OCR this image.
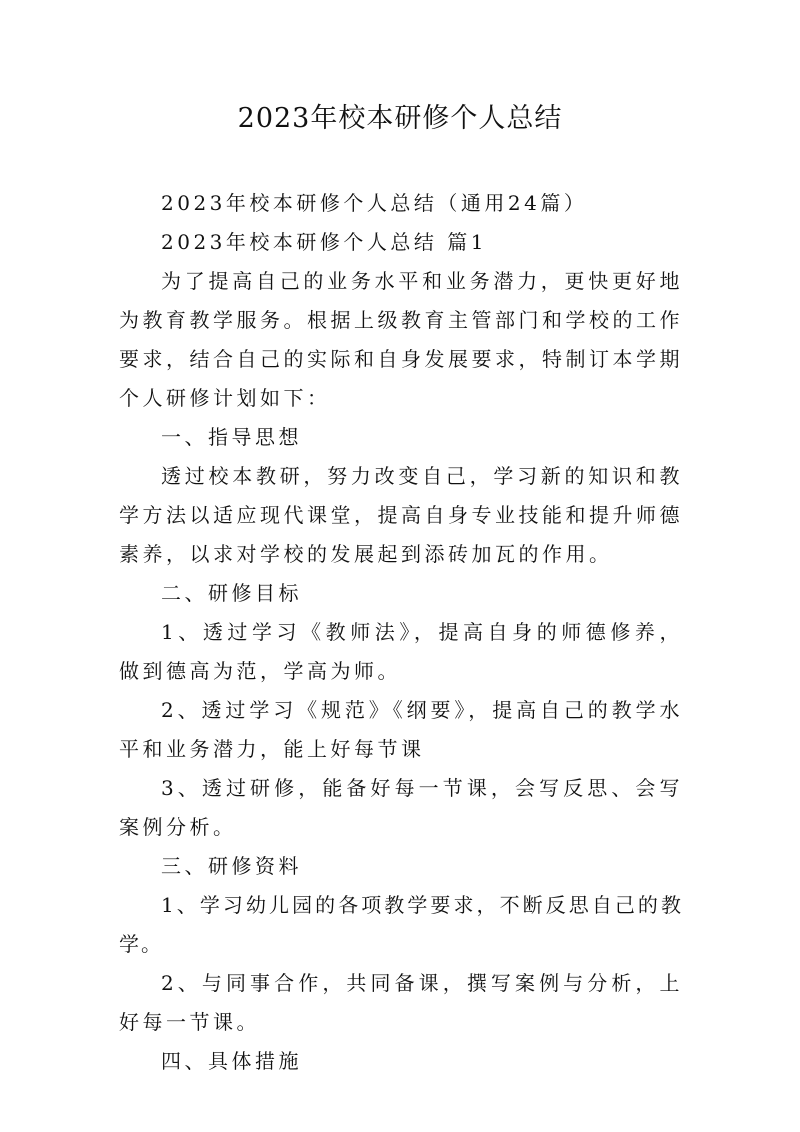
2023年校本研修个人总结

2023年校本研修个人总结（通用24篇）

2023年校本研修个人总结 篇1

为了提高自己的业务水平和业务潜力，更快更好地为教育教学服务。根据上级教育主管部门和学校的工作要求，结合自己的实际和自身发展要求，特制订本学期个人研修计划如下：

一、指导思想

透过校本教研，努力改变自己，学习新的知识和教学方法以适应现代课堂，提高自身专业技能和提升师德素养，以求对学校的发展起到添砖加瓦的作用。

二、研修目标

1、透过学习《教师法》，提高自身的师德修养，做到德高为范，学高为师。

2、透过学习《规范》《纲要》，提高自己的教学水平和业务潜力，能上好每节课

3、透过研修，能备好每一节课，会写反思、会写案例分析。

三、研修资料

1、学习幼儿园的各项教学要求，不断反思自己的教学。

2、与同事合作，共同备课，撰写案例与分析，上好每一节课。

四、具体措施
